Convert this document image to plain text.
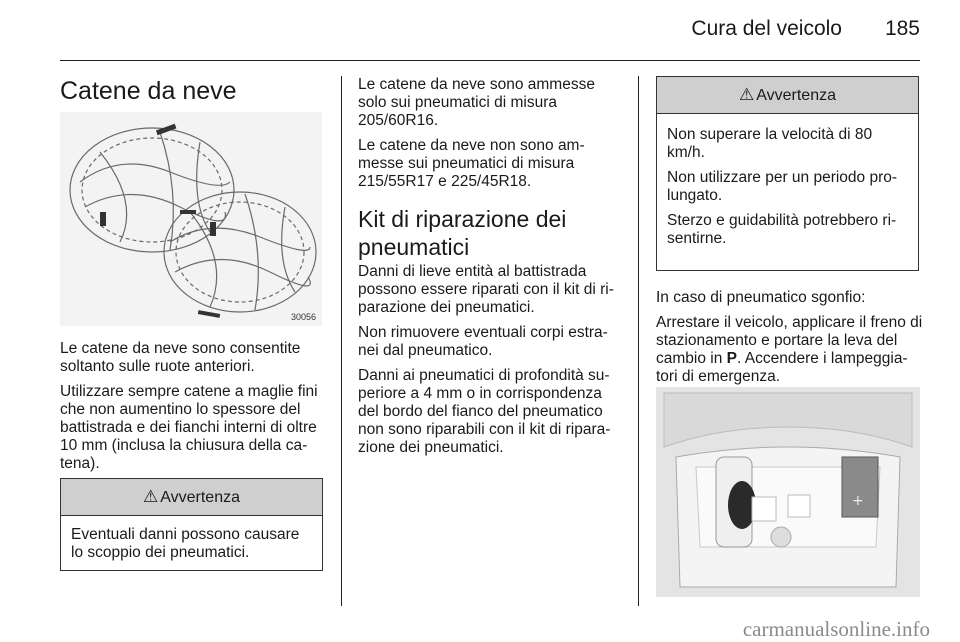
Cura del veicolo 185
Catene da neve
30056

Le catene da neve sono consentite soltanto sulle ruote anteriori.

Utilizzare sempre catene a maglie fini che non aumentino lo spessore del battistrada e dei fianchi interni di oltre 10 mm (inclusa la chiusura della ca-tena).

⚠ Avvertenza

Eventuali danni possono causare lo scoppio dei pneumatici.

Le catene da neve sono ammesse solo sui pneumatici di misura 205/60R16.

Le catene da neve non sono am-messe sui pneumatici di misura 215/55R17 e 225/45R18.

Kit di riparazione dei pneumatici

Danni di lieve entità al battistrada possono essere riparati con il kit di ri-parazione dei pneumatici.

Non rimuovere eventuali corpi estra-nei dal pneumatico.

Danni ai pneumatici di profondità su-periore a 4 mm o in corrispondenza del bordo del fianco del pneumatico non sono riparabili con il kit di ripara-zione dei pneumatici.

⚠ Avvertenza

Non superare la velocità di 80 km/h.

Non utilizzare per un periodo pro-lungato.

Sterzo e guidabilità potrebbero ri-sentirne.

In caso di pneumatico sgonfio:

Arrestare il veicolo, applicare il freno di stazionamento e portare la leva del cambio in P. Accendere i lampeggia-tori di emergenza.

+
carmanualsonline.info
